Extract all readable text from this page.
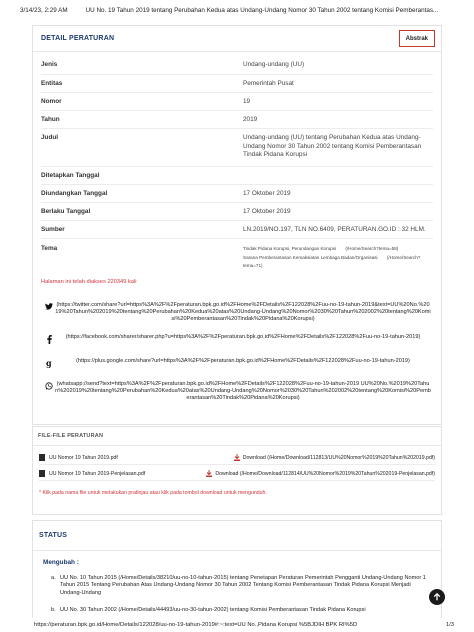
3/14/23, 2:29 AM	UU No. 19 Tahun 2019 tentang Perubahan Kedua atas Undang-Undang Nomor 30 Tahun 2002 tentang Komisi Pemberantas...
DETAIL PERATURAN	Abstrak
Jenis	Undang-undang (UU)
Entitas	Pemerintah Pusat
Nomor	19
Tahun	2019
Judul	Undang-undang (UU) tentang Perubahan Kedua atas Undang-Undang Nomor 30 Tahun 2002 tentang Komisi Pemberantasan Tindak Pidana Korupsi
Ditetapkan Tanggal
Diundangkan Tanggal	17 Oktober 2019
Berlaku Tanggal	17 Oktober 2019
Sumber	LN.2019/NO.197, TLN NO.6409, PERATURAN.GO.ID : 32 HLM.
Tema	Tindak Pidana Korupsi, Perundangan Korupsi (/Home/Search?tema=58)
Sarana Pemberantasan Kemaksiatan Lembaga Badan/Organisasi (/Home/Search?tema=71)
Halaman ini telah diakses 220349 kali
(https://twitter.com/share?url=https%3A%2F%2Fperaturan.bpk.go.id%2FHome%2FDetails%2F122028%2Fuu-no-19-tahun-2019&text=UU%20No.%2019%20Tahun%202019%20tentang%20Perubahan%20Kedua%20atas%20Undang-Undang%20Nomor%2030%20Tahun%202002%20tentang%20Komisi%20Pemberantasan%20Tindak%20Pidana%20Korupsi)
(https://facebook.com/sharer/sharer.php?u=https%3A%2F%2Fperaturan.bpk.go.id%2FHome%2FDetails%2F122028%2Fuu-no-19-tahun-2019)
g	(https://plus.google.com/share?url=https%3A%2F%2Fperaturan.bpk.go.id%2FHome%2FDetails%2F122028%2Fuu-no-19-tahun-2019)
(whatsapp://send?text=https%3A%2F%2Fperaturan.bpk.go.id%2FHome%2FDetails%2F122028%2Fuu-no-19-tahun-2019 UU%20No.%2019%20Tahun%202019%20tentang%20Perubahan%20Kedua%20atas%20Undang-Undang%20Nomor%2030%20Tahun%202002%20tentang%20Komisi%20Pemberantasan%20Tindak%20Pidana%20Korupsi)
FILE-FILE PERATURAN
UU Nomor 19 Tahun 2019.pdf	Download (/Home/Download/112813/UU%20Nomor%2019%20Tahun%202019.pdf)
UU Nomor 19 Tahun 2019-Penjelasan.pdf	Download (/Home/Download/112814/UU%20Nomor%2019%20Tahun%202019-Penjelasan.pdf)
* Klik pada nama file untuk melakukan pratinjau atau klik pada tombol download untuk mengunduh.
STATUS
Mengubah :
a. UU No. 10 Tahun 2015 (/Home/Details/38210/uu-no-10-tahun-2015) tentang Penetapan Peraturan Pemerintah Pengganti Undang-Undang Nomor 1 Tahun 2015 Tentang Perubahan Atas Undang-Undang Nomor 30 Tahun 2002 Tentang Komisi Pemberantasan Tindak Pidana Korupsi Menjadi Undang-Undang
b. UU No. 30 Tahun 2002 (/Home/Details/44493/uu-no-30-tahun-2002) tentang Komisi Pemberantasan Tindak Pidana Korupsi
https://peraturan.bpk.go.id/Home/Details/122028/uu-no-19-tahun-2019#:~:text=UU No.,Pidana Korupsi %5BJDIH BPK RI%5D	1/3
